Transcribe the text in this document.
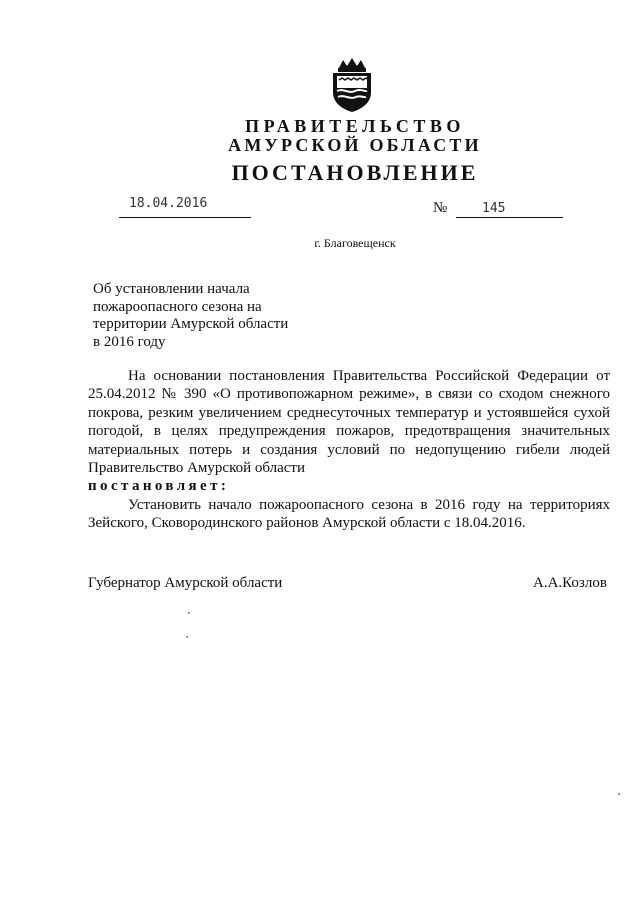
ПРАВИТЕЛЬСТВО
АМУРСКОЙ ОБЛАСТИ
ПОСТАНОВЛЕНИЕ
18.04.2016	№	145
г. Благовещенск
Об установлении начала
пожароопасного сезона на
территории Амурской области
в 2016 году
На основании постановления Правительства Российской Федерации от 25.04.2012 № 390 «О противопожарном режиме», в связи со сходом снежного покрова, резким увеличением среднесуточных температур и устоявшейся сухой погодой, в целях предупреждения пожаров, предотвращения значительных материальных потерь и создания условий по недопущению гибели людей Правительство Амурской области
постановляет:
Установить начало пожароопасного сезона в 2016 году на территориях Зейского, Сковородинского районов Амурской области с 18.04.2016.
Губернатор Амурской области	А.А.Козлов
